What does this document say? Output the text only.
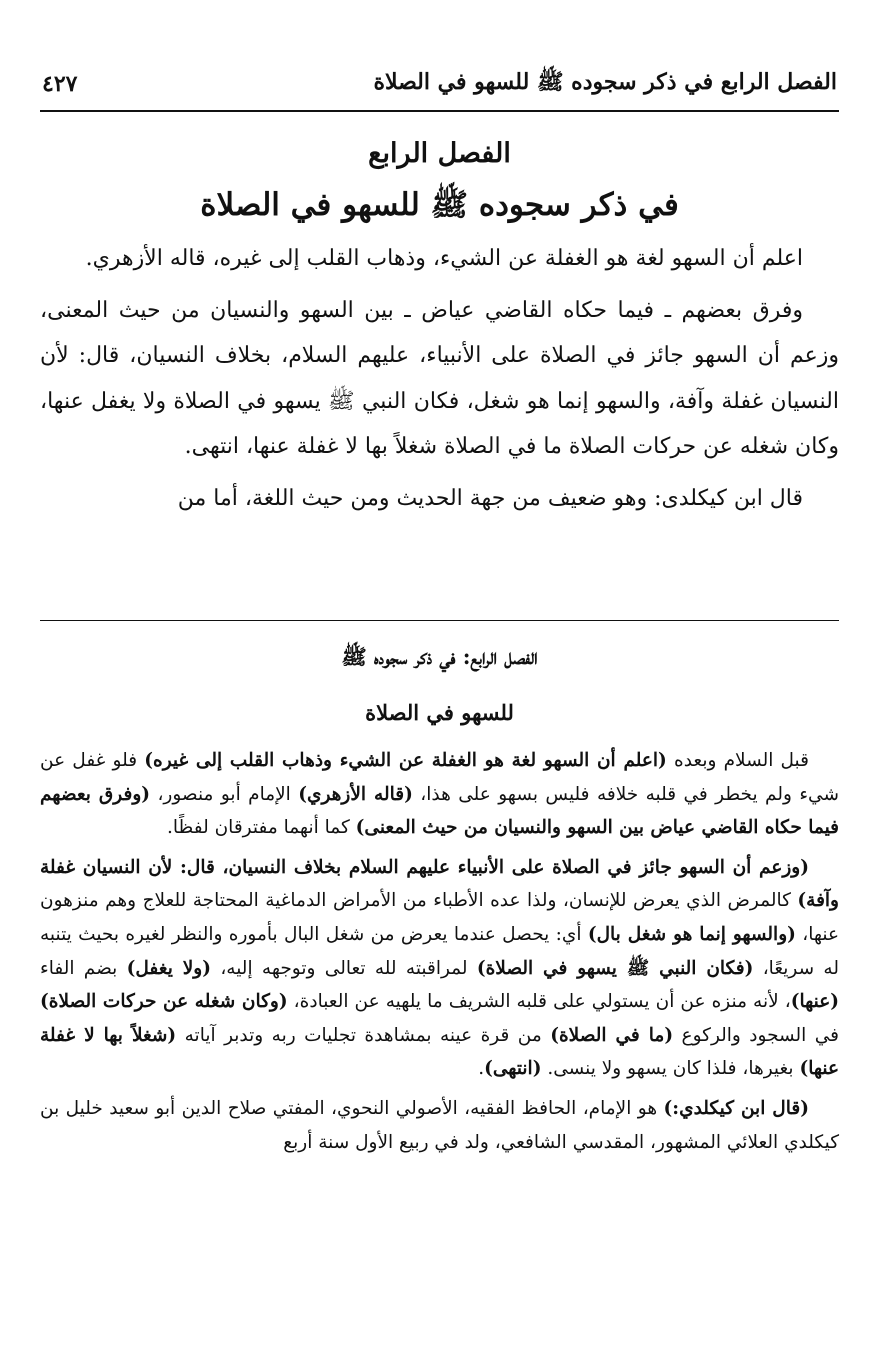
٤٢٧	الفصل الرابع في ذكر سجوده ﷺ للسهو في الصلاة
الفصل الرابع
في ذكر سجوده ﷺ للسهو في الصلاة

اعلم أن السهو لغة هو الغفلة عن الشيء، وذهاب القلب إلى غيره، قاله الأزهري.

وفرق بعضهم ـ فيما حكاه القاضي عياض ـ بين السهو والنسيان من حيث المعنى، وزعم أن السهو جائز في الصلاة على الأنبياء، عليهم السلام، بخلاف النسيان، قال: لأن النسيان غفلة وآفة، والسهو إنما هو شغل، فكان النبي ﷺ يسهو في الصلاة ولا يغفل عنها، وكان شغله عن حركات الصلاة ما في الصلاة شغلاً بها لا غفلة عنها، انتهى.

قال ابن كيكلدى: وهو ضعيف من جهة الحديث ومن حيث اللغة، أما من

الفصل الرابع: في ذكر سجوده ﷺ
للسهو في الصلاة

قبل السلام وبعده (اعلم أن السهو لغة هو الغفلة عن الشيء وذهاب القلب إلى غيره) فلو غفل عن شيء ولم يخطر في قلبه خلافه فليس بسهو على هذا، (قاله الأزهري) الإمام أبو منصور، (وفرق بعضهم فيما حكاه القاضي عياض بين السهو والنسيان من حيث المعنى) كما أنهما مفترقان لفظًا.

(وزعم أن السهو جائز في الصلاة على الأنبياء عليهم السلام بخلاف النسيان، قال: لأن النسيان غفلة وآفة) كالمرض الذي يعرض للإنسان، ولذا عده الأطباء من الأمراض الدماغية المحتاجة للعلاج وهم منزهون عنها، (والسهو إنما هو شغل بال) أي: يحصل عندما يعرض من شغل البال بأموره والنظر لغيره بحيث يتنبه له سريعًا، (فكان النبي ﷺ يسهو في الصلاة) لمراقبته لله تعالى وتوجهه إليه، (ولا يغفل) بضم الفاء (عنها)، لأنه منزه عن أن يستولي على قلبه الشريف ما يلهيه عن العبادة، (وكان شغله عن حركات الصلاة) في السجود والركوع (ما في الصلاة) من قرة عينه بمشاهدة تجليات ربه وتدبر آياته (شغلاً بها لا غفلة عنها) بغيرها، فلذا كان يسهو ولا ينسى. (انتهى).

(قال ابن كيكلدي:) هو الإمام، الحافظ الفقيه، الأصولي النحوي، المفتي صلاح الدين أبو سعيد خليل بن كيكلدي العلائي المشهور، المقدسي الشافعي، ولد في ربيع الأول سنة أربع
